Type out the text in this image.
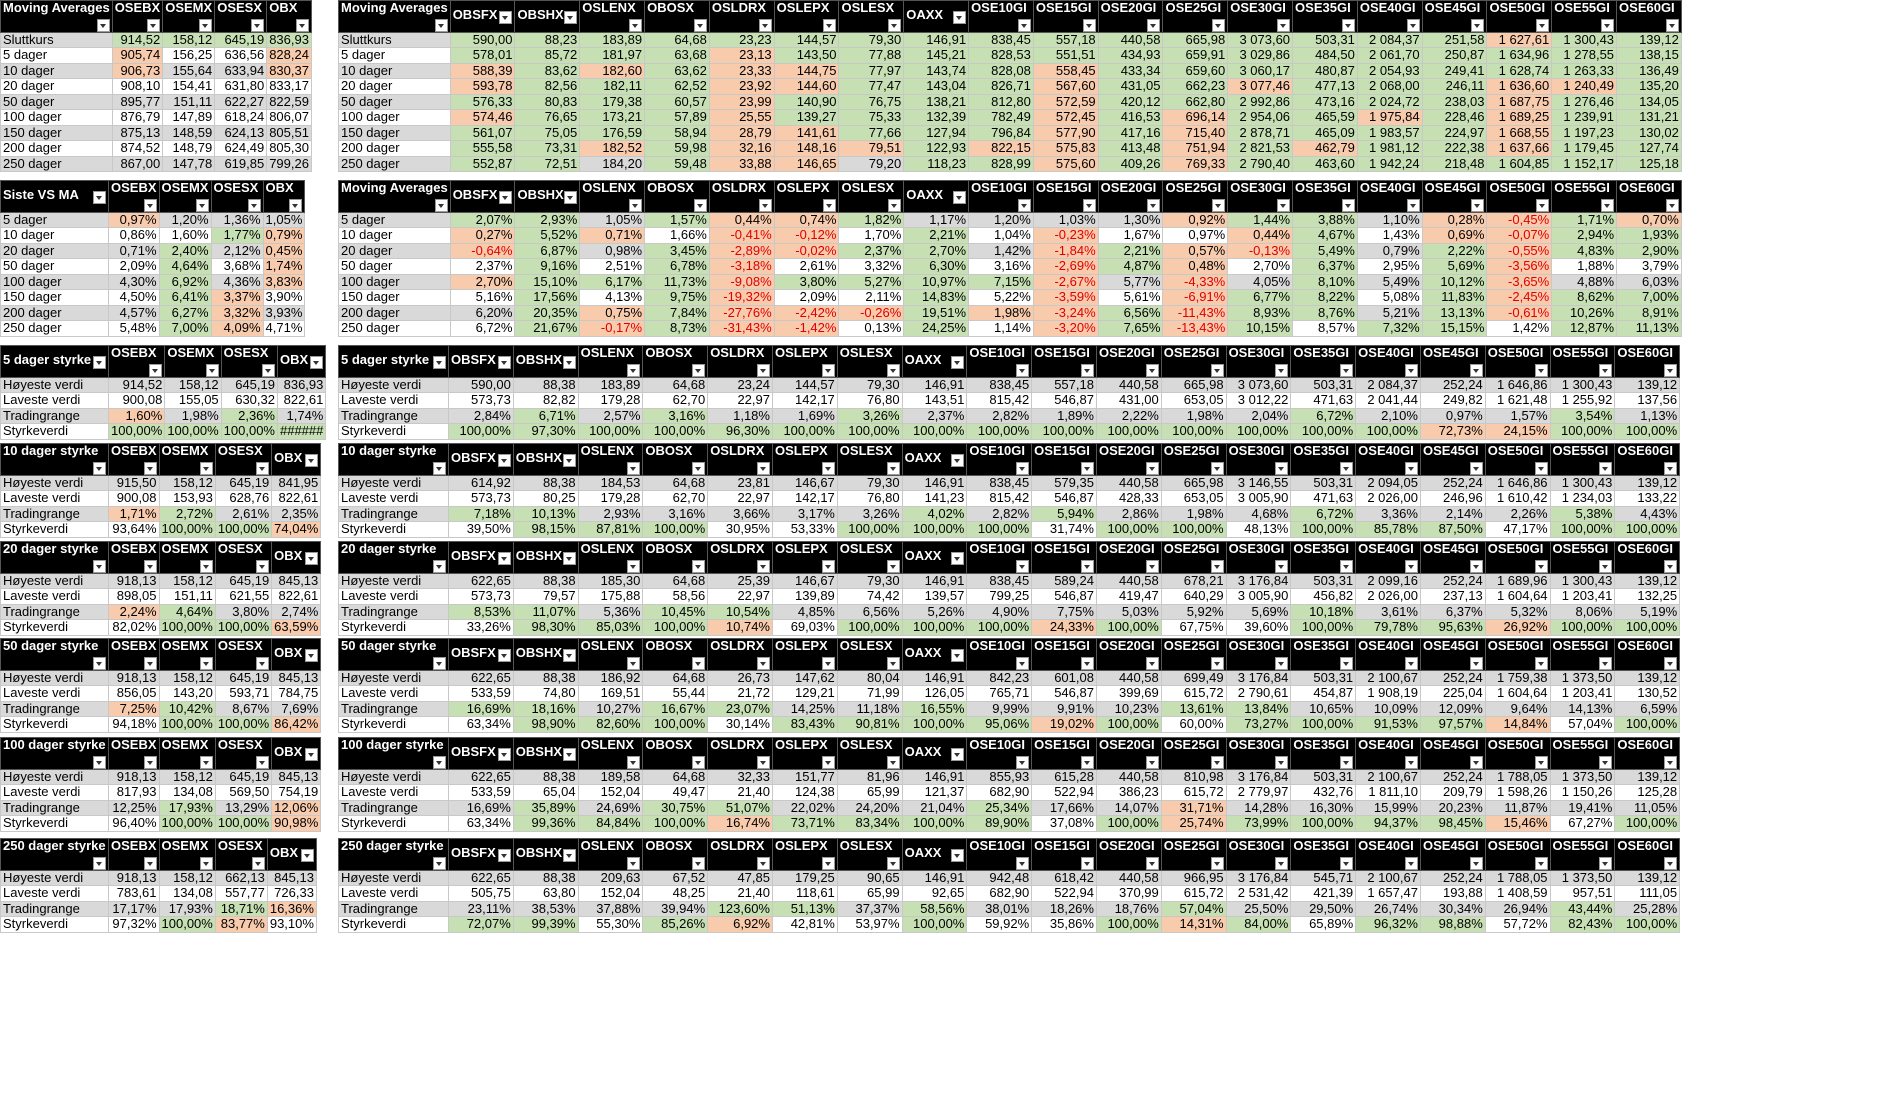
Moving Averages	OSEBX	OSEMX	OSESX	OBX

Sluttkurs	914,52	158,12	645,19	836,93
5 dager	905,74	156,25	636,56	828,24
10 dager	906,73	155,64	633,94	830,37
20 dager	908,10	154,41	631,80	833,17
50 dager	895,77	151,11	622,27	822,59
100 dager	876,79	147,89	618,24	806,07
150 dager	875,13	148,59	624,13	805,51
200 dager	874,52	148,79	624,49	805,30
250 dager	867,00	147,78	619,85	799,26
Siste VS MA	OSEBX	OSEMX	OSESX	OBX

5 dager	0,97%	1,20%	1,36%	1,05%
10 dager	0,86%	1,60%	1,77%	0,79%
20 dager	0,71%	2,40%	2,12%	0,45%
50 dager	2,09%	4,64%	3,68%	1,74%
100 dager	4,30%	6,92%	4,36%	3,83%
150 dager	4,50%	6,41%	3,37%	3,90%
200 dager	4,57%	6,27%	3,32%	3,93%
250 dager	5,48%	7,00%	4,09%	4,71%
5 dager styrke	OSEBX	OSEMX	OSESX	OBX

Høyeste verdi	914,52	158,12	645,19	836,93
Laveste verdi	900,08	155,05	630,32	822,61
Tradingrange	1,60%	1,98%	2,36%	1,74%
Styrkeverdi	100,00%	100,00%	100,00%	######
10 dager styrke	OSEBX	OSEMX	OSESX	OBX

Høyeste verdi	915,50	158,12	645,19	841,95
Laveste verdi	900,08	153,93	628,76	822,61
Tradingrange	1,71%	2,72%	2,61%	2,35%
Styrkeverdi	93,64%	100,00%	100,00%	74,04%
20 dager styrke	OSEBX	OSEMX	OSESX	OBX

Høyeste verdi	918,13	158,12	645,19	845,13
Laveste verdi	898,05	151,11	621,55	822,61
Tradingrange	2,24%	4,64%	3,80%	2,74%
Styrkeverdi	82,02%	100,00%	100,00%	63,59%
50 dager styrke	OSEBX	OSEMX	OSESX	OBX

Høyeste verdi	918,13	158,12	645,19	845,13
Laveste verdi	856,05	143,20	593,71	784,75
Tradingrange	7,25%	10,42%	8,67%	7,69%
Styrkeverdi	94,18%	100,00%	100,00%	86,42%
100 dager styrke	OSEBX	OSEMX	OSESX	OBX

Høyeste verdi	918,13	158,12	645,19	845,13
Laveste verdi	817,93	134,08	569,50	754,19
Tradingrange	12,25%	17,93%	13,29%	12,06%
Styrkeverdi	96,40%	100,00%	100,00%	90,98%
250 dager styrke	OSEBX	OSEMX	OSESX	OBX

Høyeste verdi	918,13	158,12	662,13	845,13
Laveste verdi	783,61	134,08	557,77	726,33
Tradingrange	17,17%	17,93%	18,71%	16,36%
Styrkeverdi	97,32%	100,00%	83,77%	93,10%
Moving Averages	OBSFX	OBSHX	OSLENX	OBOSX	OSLDRX	OSLEPX	OSLESX	OAXX	OSE10GI	OSE15GI	OSE20GI	OSE25GI	OSE30GI	OSE35GI	OSE40GI	OSE45GI	OSE50GI	OSE55GI	OSE60GI

Sluttkurs	590,00	88,23	183,89	64,68	23,23	144,57	79,30	146,91	838,45	557,18	440,58	665,98	3 073,60	503,31	2 084,37	251,58	1 627,61	1 300,43	139,12
5 dager	578,01	85,72	181,97	63,68	23,13	143,50	77,88	145,21	828,53	551,51	434,93	659,91	3 029,86	484,50	2 061,70	250,87	1 634,96	1 278,55	138,15
10 dager	588,39	83,62	182,60	63,62	23,33	144,75	77,97	143,74	828,08	558,45	433,34	659,60	3 060,17	480,87	2 054,93	249,41	1 628,74	1 263,33	136,49
20 dager	593,78	82,56	182,11	62,52	23,92	144,60	77,47	143,04	826,71	567,60	431,05	662,23	3 077,46	477,13	2 068,00	246,11	1 636,60	1 240,49	135,20
50 dager	576,33	80,83	179,38	60,57	23,99	140,90	76,75	138,21	812,80	572,59	420,12	662,80	2 992,86	473,16	2 024,72	238,03	1 687,75	1 276,46	134,05
100 dager	574,46	76,65	173,21	57,89	25,55	139,27	75,33	132,39	782,49	572,45	416,53	696,14	2 954,06	465,59	1 975,84	228,46	1 689,25	1 239,91	131,21
150 dager	561,07	75,05	176,59	58,94	28,79	141,61	77,66	127,94	796,84	577,90	417,16	715,40	2 878,71	465,09	1 983,57	224,97	1 668,55	1 197,23	130,02
200 dager	555,58	73,31	182,52	59,98	32,16	148,16	79,51	122,93	822,15	575,83	413,48	751,94	2 821,53	462,79	1 981,12	222,38	1 637,66	1 179,45	127,74
250 dager	552,87	72,51	184,20	59,48	33,88	146,65	79,20	118,23	828,99	575,60	409,26	769,33	2 790,40	463,60	1 942,24	218,48	1 604,85	1 152,17	125,18
Moving Averages	OBSFX	OBSHX	OSLENX	OBOSX	OSLDRX	OSLEPX	OSLESX	OAXX	OSE10GI	OSE15GI	OSE20GI	OSE25GI	OSE30GI	OSE35GI	OSE40GI	OSE45GI	OSE50GI	OSE55GI	OSE60GI

5 dager	2,07%	2,93%	1,05%	1,57%	0,44%	0,74%	1,82%	1,17%	1,20%	1,03%	1,30%	0,92%	1,44%	3,88%	1,10%	0,28%	-0,45%	1,71%	0,70%
10 dager	0,27%	5,52%	0,71%	1,66%	-0,41%	-0,12%	1,70%	2,21%	1,04%	-0,23%	1,67%	0,97%	0,44%	4,67%	1,43%	0,69%	-0,07%	2,94%	1,93%
20 dager	-0,64%	6,87%	0,98%	3,45%	-2,89%	-0,02%	2,37%	2,70%	1,42%	-1,84%	2,21%	0,57%	-0,13%	5,49%	0,79%	2,22%	-0,55%	4,83%	2,90%
50 dager	2,37%	9,16%	2,51%	6,78%	-3,18%	2,61%	3,32%	6,30%	3,16%	-2,69%	4,87%	0,48%	2,70%	6,37%	2,95%	5,69%	-3,56%	1,88%	3,79%
100 dager	2,70%	15,10%	6,17%	11,73%	-9,08%	3,80%	5,27%	10,97%	7,15%	-2,67%	5,77%	-4,33%	4,05%	8,10%	5,49%	10,12%	-3,65%	4,88%	6,03%
150 dager	5,16%	17,56%	4,13%	9,75%	-19,32%	2,09%	2,11%	14,83%	5,22%	-3,59%	5,61%	-6,91%	6,77%	8,22%	5,08%	11,83%	-2,45%	8,62%	7,00%
200 dager	6,20%	20,35%	0,75%	7,84%	-27,76%	-2,42%	-0,26%	19,51%	1,98%	-3,24%	6,56%	-11,43%	8,93%	8,76%	5,21%	13,13%	-0,61%	10,26%	8,91%
250 dager	6,72%	21,67%	-0,17%	8,73%	-31,43%	-1,42%	0,13%	24,25%	1,14%	-3,20%	7,65%	-13,43%	10,15%	8,57%	7,32%	15,15%	1,42%	12,87%	11,13%
5 dager styrke	OBSFX	OBSHX	OSLENX	OBOSX	OSLDRX	OSLEPX	OSLESX	OAXX	OSE10GI	OSE15GI	OSE20GI	OSE25GI	OSE30GI	OSE35GI	OSE40GI	OSE45GI	OSE50GI	OSE55GI	OSE60GI

Høyeste verdi	590,00	88,38	183,89	64,68	23,24	144,57	79,30	146,91	838,45	557,18	440,58	665,98	3 073,60	503,31	2 084,37	252,24	1 646,86	1 300,43	139,12
Laveste verdi	573,73	82,82	179,28	62,70	22,97	142,17	76,80	143,51	815,42	546,87	431,00	653,05	3 012,22	471,63	2 041,44	249,82	1 621,48	1 255,92	137,56
Tradingrange	2,84%	6,71%	2,57%	3,16%	1,18%	1,69%	3,26%	2,37%	2,82%	1,89%	2,22%	1,98%	2,04%	6,72%	2,10%	0,97%	1,57%	3,54%	1,13%
Styrkeverdi	100,00%	97,30%	100,00%	100,00%	96,30%	100,00%	100,00%	100,00%	100,00%	100,00%	100,00%	100,00%	100,00%	100,00%	100,00%	72,73%	24,15%	100,00%	100,00%
10 dager styrke	OBSFX	OBSHX	OSLENX	OBOSX	OSLDRX	OSLEPX	OSLESX	OAXX	OSE10GI	OSE15GI	OSE20GI	OSE25GI	OSE30GI	OSE35GI	OSE40GI	OSE45GI	OSE50GI	OSE55GI	OSE60GI

Høyeste verdi	614,92	88,38	184,53	64,68	23,81	146,67	79,30	146,91	838,45	579,35	440,58	665,98	3 146,55	503,31	2 094,05	252,24	1 646,86	1 300,43	139,12
Laveste verdi	573,73	80,25	179,28	62,70	22,97	142,17	76,80	141,23	815,42	546,87	428,33	653,05	3 005,90	471,63	2 026,00	246,96	1 610,42	1 234,03	133,22
Tradingrange	7,18%	10,13%	2,93%	3,16%	3,66%	3,17%	3,26%	4,02%	2,82%	5,94%	2,86%	1,98%	4,68%	6,72%	3,36%	2,14%	2,26%	5,38%	4,43%
Styrkeverdi	39,50%	98,15%	87,81%	100,00%	30,95%	53,33%	100,00%	100,00%	100,00%	31,74%	100,00%	100,00%	48,13%	100,00%	85,78%	87,50%	47,17%	100,00%	100,00%
20 dager styrke	OBSFX	OBSHX	OSLENX	OBOSX	OSLDRX	OSLEPX	OSLESX	OAXX	OSE10GI	OSE15GI	OSE20GI	OSE25GI	OSE30GI	OSE35GI	OSE40GI	OSE45GI	OSE50GI	OSE55GI	OSE60GI

Høyeste verdi	622,65	88,38	185,30	64,68	25,39	146,67	79,30	146,91	838,45	589,24	440,58	678,21	3 176,84	503,31	2 099,16	252,24	1 689,96	1 300,43	139,12
Laveste verdi	573,73	79,57	175,88	58,56	22,97	139,89	74,42	139,57	799,25	546,87	419,47	640,29	3 005,90	456,82	2 026,00	237,13	1 604,64	1 203,41	132,25
Tradingrange	8,53%	11,07%	5,36%	10,45%	10,54%	4,85%	6,56%	5,26%	4,90%	7,75%	5,03%	5,92%	5,69%	10,18%	3,61%	6,37%	5,32%	8,06%	5,19%
Styrkeverdi	33,26%	98,30%	85,03%	100,00%	10,74%	69,03%	100,00%	100,00%	100,00%	24,33%	100,00%	67,75%	39,60%	100,00%	79,78%	95,63%	26,92%	100,00%	100,00%
50 dager styrke	OBSFX	OBSHX	OSLENX	OBOSX	OSLDRX	OSLEPX	OSLESX	OAXX	OSE10GI	OSE15GI	OSE20GI	OSE25GI	OSE30GI	OSE35GI	OSE40GI	OSE45GI	OSE50GI	OSE55GI	OSE60GI

Høyeste verdi	622,65	88,38	186,92	64,68	26,73	147,62	80,04	146,91	842,23	601,08	440,58	699,49	3 176,84	503,31	2 100,67	252,24	1 759,38	1 373,50	139,12
Laveste verdi	533,59	74,80	169,51	55,44	21,72	129,21	71,99	126,05	765,71	546,87	399,69	615,72	2 790,61	454,87	1 908,19	225,04	1 604,64	1 203,41	130,52
Tradingrange	16,69%	18,16%	10,27%	16,67%	23,07%	14,25%	11,18%	16,55%	9,99%	9,91%	10,23%	13,61%	13,84%	10,65%	10,09%	12,09%	9,64%	14,13%	6,59%
Styrkeverdi	63,34%	98,90%	82,60%	100,00%	30,14%	83,43%	90,81%	100,00%	95,06%	19,02%	100,00%	60,00%	73,27%	100,00%	91,53%	97,57%	14,84%	57,04%	100,00%
100 dager styrke	OBSFX	OBSHX	OSLENX	OBOSX	OSLDRX	OSLEPX	OSLESX	OAXX	OSE10GI	OSE15GI	OSE20GI	OSE25GI	OSE30GI	OSE35GI	OSE40GI	OSE45GI	OSE50GI	OSE55GI	OSE60GI

Høyeste verdi	622,65	88,38	189,58	64,68	32,33	151,77	81,96	146,91	855,93	615,28	440,58	810,98	3 176,84	503,31	2 100,67	252,24	1 788,05	1 373,50	139,12
Laveste verdi	533,59	65,04	152,04	49,47	21,40	124,38	65,99	121,37	682,90	522,94	386,23	615,72	2 779,97	432,76	1 811,10	209,79	1 598,26	1 150,26	125,28
Tradingrange	16,69%	35,89%	24,69%	30,75%	51,07%	22,02%	24,20%	21,04%	25,34%	17,66%	14,07%	31,71%	14,28%	16,30%	15,99%	20,23%	11,87%	19,41%	11,05%
Styrkeverdi	63,34%	99,36%	84,84%	100,00%	16,74%	73,71%	83,34%	100,00%	89,90%	37,08%	100,00%	25,74%	73,99%	100,00%	94,37%	98,45%	15,46%	67,27%	100,00%
250 dager styrke	OBSFX	OBSHX	OSLENX	OBOSX	OSLDRX	OSLEPX	OSLESX	OAXX	OSE10GI	OSE15GI	OSE20GI	OSE25GI	OSE30GI	OSE35GI	OSE40GI	OSE45GI	OSE50GI	OSE55GI	OSE60GI

Høyeste verdi	622,65	88,38	209,63	67,52	47,85	179,25	90,65	146,91	942,48	618,42	440,58	966,95	3 176,84	545,71	2 100,67	252,24	1 788,05	1 373,50	139,12
Laveste verdi	505,75	63,80	152,04	48,25	21,40	118,61	65,99	92,65	682,90	522,94	370,99	615,72	2 531,42	421,39	1 657,47	193,88	1 408,59	957,51	111,05
Tradingrange	23,11%	38,53%	37,88%	39,94%	123,60%	51,13%	37,37%	58,56%	38,01%	18,26%	18,76%	57,04%	25,50%	29,50%	26,74%	30,34%	26,94%	43,44%	25,28%
Styrkeverdi	72,07%	99,39%	55,30%	85,26%	6,92%	42,81%	53,97%	100,00%	59,92%	35,86%	100,00%	14,31%	84,00%	65,89%	96,32%	98,88%	57,72%	82,43%	100,00%
